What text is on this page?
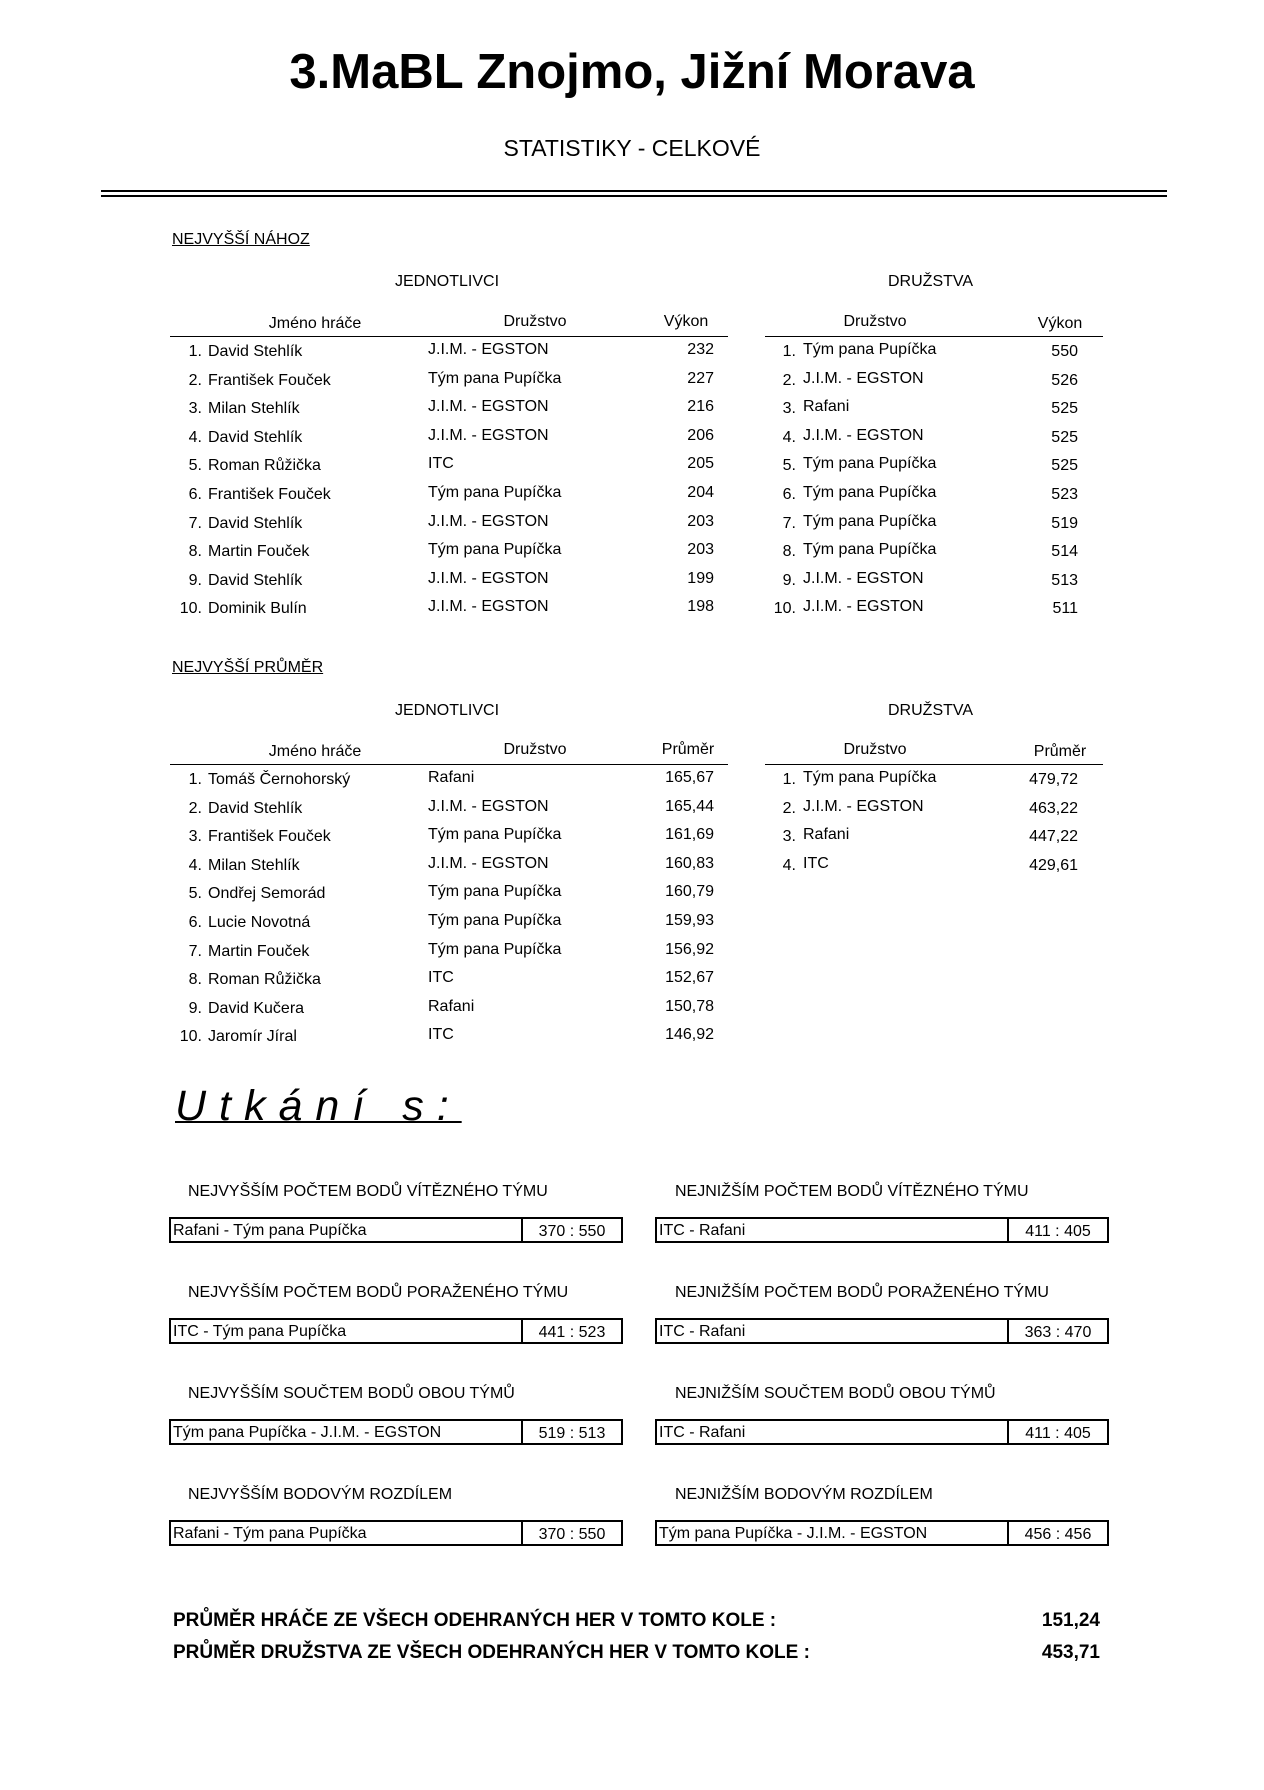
3.MaBL Znojmo, Jižní Morava
STATISTIKY - CELKOVÉ
NEJVYŠŠÍ NÁHOZ
JEDNOTLIVCI	DRUŽSTVA
Jméno hráče	Družstvo	Výkon	Družstvo	Výkon
1. David Stehlík	J.I.M. - EGSTON	232
2. František Fouček	Tým pana Pupíčka	227
3. Milan Stehlík	J.I.M. - EGSTON	216
4. David Stehlík	J.I.M. - EGSTON	206
5. Roman Růžička	ITC	205
6. František Fouček	Tým pana Pupíčka	204
7. David Stehlík	J.I.M. - EGSTON	203
8. Martin Fouček	Tým pana Pupíčka	203
9. David Stehlík	J.I.M. - EGSTON	199
10. Dominik Bulín	J.I.M. - EGSTON	198
1. Tým pana Pupíčka	550
2. J.I.M. - EGSTON	526
3. Rafani	525
4. J.I.M. - EGSTON	525
5. Tým pana Pupíčka	525
6. Tým pana Pupíčka	523
7. Tým pana Pupíčka	519
8. Tým pana Pupíčka	514
9. J.I.M. - EGSTON	513
10. J.I.M. - EGSTON	511
NEJVYŠŠÍ PRŮMĚR
JEDNOTLIVCI	DRUŽSTVA
Jméno hráče	Družstvo	Průměr	Družstvo	Průměr
1. Tomáš Černohorský	Rafani	165,67
2. David Stehlík	J.I.M. - EGSTON	165,44
3. František Fouček	Tým pana Pupíčka	161,69
4. Milan Stehlík	J.I.M. - EGSTON	160,83
5. Ondřej Semorád	Tým pana Pupíčka	160,79
6. Lucie Novotná	Tým pana Pupíčka	159,93
7. Martin Fouček	Tým pana Pupíčka	156,92
8. Roman Růžička	ITC	152,67
9. David Kučera	Rafani	150,78
10. Jaromír Jíral	ITC	146,92
1. Tým pana Pupíčka	479,72
2. J.I.M. - EGSTON	463,22
3. Rafani	447,22
4. ITC	429,61
Utkání s:
NEJVYŠŠÍM POČTEM BODŮ VÍTĚZNÉHO TÝMU
Rafani - Tým pana Pupíčka	370 : 550
NEJNIŽŠÍM POČTEM BODŮ VÍTĚZNÉHO TÝMU
ITC - Rafani	411 : 405
NEJVYŠŠÍM POČTEM BODŮ PORAŽENÉHO TÝMU
ITC - Tým pana Pupíčka	441 : 523
NEJNIŽŠÍM POČTEM BODŮ PORAŽENÉHO TÝMU
ITC - Rafani	363 : 470
NEJVYŠŠÍM SOUČTEM BODŮ OBOU TÝMŮ
Tým pana Pupíčka - J.I.M. - EGSTON	519 : 513
NEJNIŽŠÍM SOUČTEM BODŮ OBOU TÝMŮ
ITC - Rafani	411 : 405
NEJVYŠŠÍM BODOVÝM ROZDÍLEM
Rafani - Tým pana Pupíčka	370 : 550
NEJNIŽŠÍM BODOVÝM ROZDÍLEM
Tým pana Pupíčka - J.I.M. - EGSTON	456 : 456
PRŮMĚR HRÁČE ZE VŠECH ODEHRANÝCH HER V TOMTO KOLE :	151,24
PRŮMĚR DRUŽSTVA ZE VŠECH ODEHRANÝCH HER V TOMTO KOLE :	453,71
